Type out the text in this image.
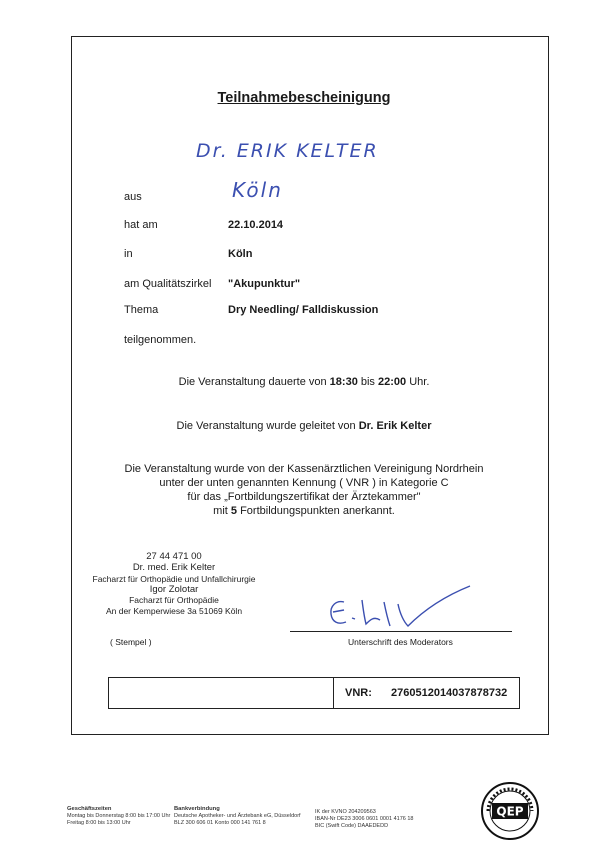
Teilnahmebescheinigung
Dr. ERIK KELTER
aus	Köln
hat am	22.10.2014
in	Köln
am Qualitätszirkel "Akupunktur"
Thema	Dry Needling/ Falldiskussion
teilgenommen.
Die Veranstaltung dauerte von 18:30 bis 22:00 Uhr.
Die Veranstaltung wurde geleitet von Dr. Erik Kelter
Die Veranstaltung wurde von der Kassenärztlichen Vereinigung Nordrhein
unter der unten genannten Kennung ( VNR ) in Kategorie C
für das „Fortbildungszertifikat der Ärztekammer"
mit 5 Fortbildungspunkten anerkannt.
27 44 471 00
Dr. med. Erik Kelter
Facharzt für Orthopädie und Unfallchirurgie
Igor Zolotar
Facharzt für Orthopädie
An der Kemperwiese 3a 51069 Köln
( Stempel )	Unterschrift des Moderators
VNR: 2760512014037878732
Geschäftszeiten
Montag bis Donnerstag 8:00 bis 17:00 Uhr
Freitag 8:00 bis 13:00 Uhr
Bankverbindung
Deutsche Apotheker- und Ärztebank eG, Düsseldorf
BLZ 300 606 01 Konto 000 141 761 8
IK der KVNO 204209563
IBAN-Nr DE23 3006 0601 0001 4176 18
BIC (Swift Code) DAAEDEDD
QEP
